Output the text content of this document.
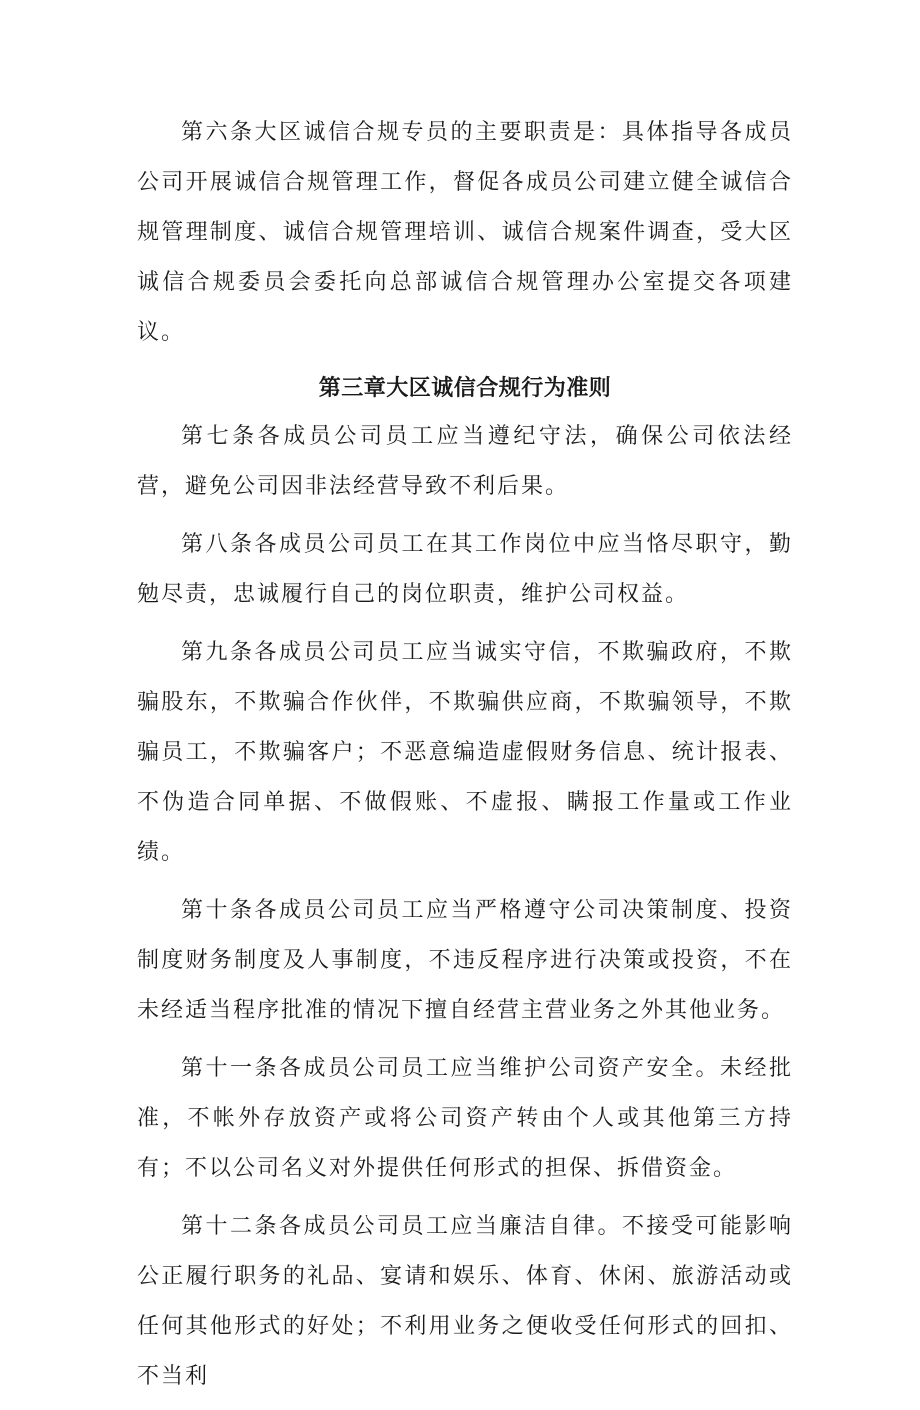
第六条大区诚信合规专员的主要职责是：具体指导各成员公司开展诚信合规管理工作，督促各成员公司建立健全诚信合规管理制度、诚信合规管理培训、诚信合规案件调查，受大区诚信合规委员会委托向总部诚信合规管理办公室提交各项建议。

第三章大区诚信合规行为准则

第七条各成员公司员工应当遵纪守法，确保公司依法经营，避免公司因非法经营导致不利后果。

第八条各成员公司员工在其工作岗位中应当恪尽职守，勤勉尽责，忠诚履行自己的岗位职责，维护公司权益。

第九条各成员公司员工应当诚实守信，不欺骗政府，不欺骗股东，不欺骗合作伙伴，不欺骗供应商，不欺骗领导，不欺骗员工，不欺骗客户；不恶意编造虚假财务信息、统计报表、不伪造合同单据、不做假账、不虚报、瞒报工作量或工作业绩。

第十条各成员公司员工应当严格遵守公司决策制度、投资制度财务制度及人事制度，不违反程序进行决策或投资，不在未经适当程序批准的情况下擅自经营主营业务之外其他业务。

第十一条各成员公司员工应当维护公司资产安全。未经批准，不帐外存放资产或将公司资产转由个人或其他第三方持有；不以公司名义对外提供任何形式的担保、拆借资金。

第十二条各成员公司员工应当廉洁自律。不接受可能影响公正履行职务的礼品、宴请和娱乐、体育、休闲、旅游活动或任何其他形式的好处；不利用业务之便收受任何形式的回扣、不当利
